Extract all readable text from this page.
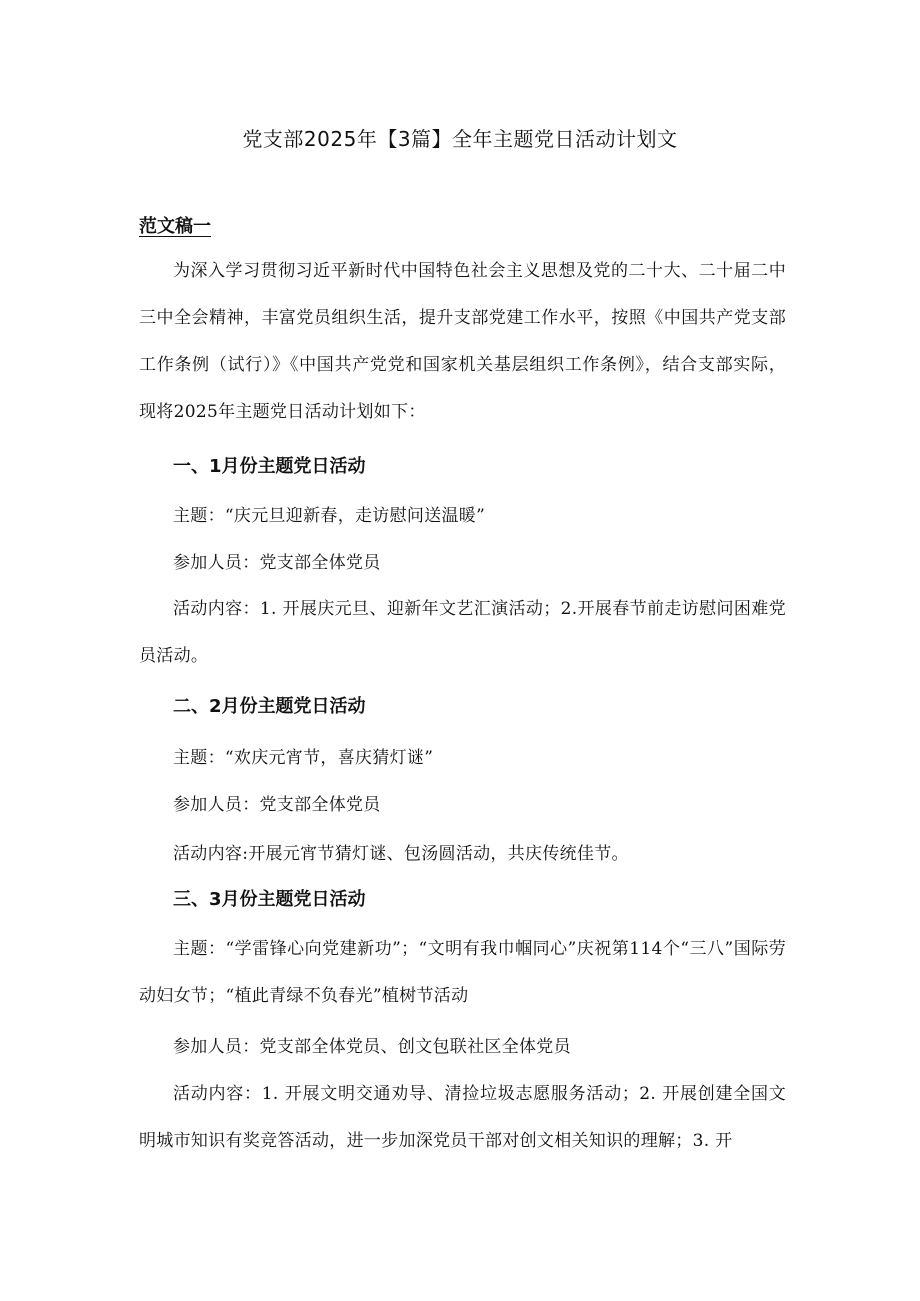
党支部2025年【3篇】全年主题党日活动计划文
范文稿一
为深入学习贯彻习近平新时代中国特色社会主义思想及党的二十大、二十届二中三中全会精神，丰富党员组织生活，提升支部党建工作水平，按照《中国共产党支部工作条例（试行）》《中国共产党党和国家机关基层组织工作条例》，结合支部实际，现将2025年主题党日活动计划如下：
一、1月份主题党日活动
主题：“庆元旦迎新春，走访慰问送温暖”
参加人员：党支部全体党员
活动内容：1. 开展庆元旦、迎新年文艺汇演活动；2.开展春节前走访慰问困难党员活动。
二、2月份主题党日活动
主题：“欢庆元宵节，喜庆猜灯谜”
参加人员：党支部全体党员
活动内容:开展元宵节猜灯谜、包汤圆活动，共庆传统佳节。
三、3月份主题党日活动
主题：“学雷锋心向党建新功”；“文明有我巾帼同心”庆祝第114个“三八”国际劳动妇女节；“植此青绿不负春光”植树节活动
参加人员：党支部全体党员、创文包联社区全体党员
活动内容：1. 开展文明交通劝导、清捡垃圾志愿服务活动；2. 开展创建全国文明城市知识有奖竞答活动，进一步加深党员干部对创文相关知识的理解；3. 开
